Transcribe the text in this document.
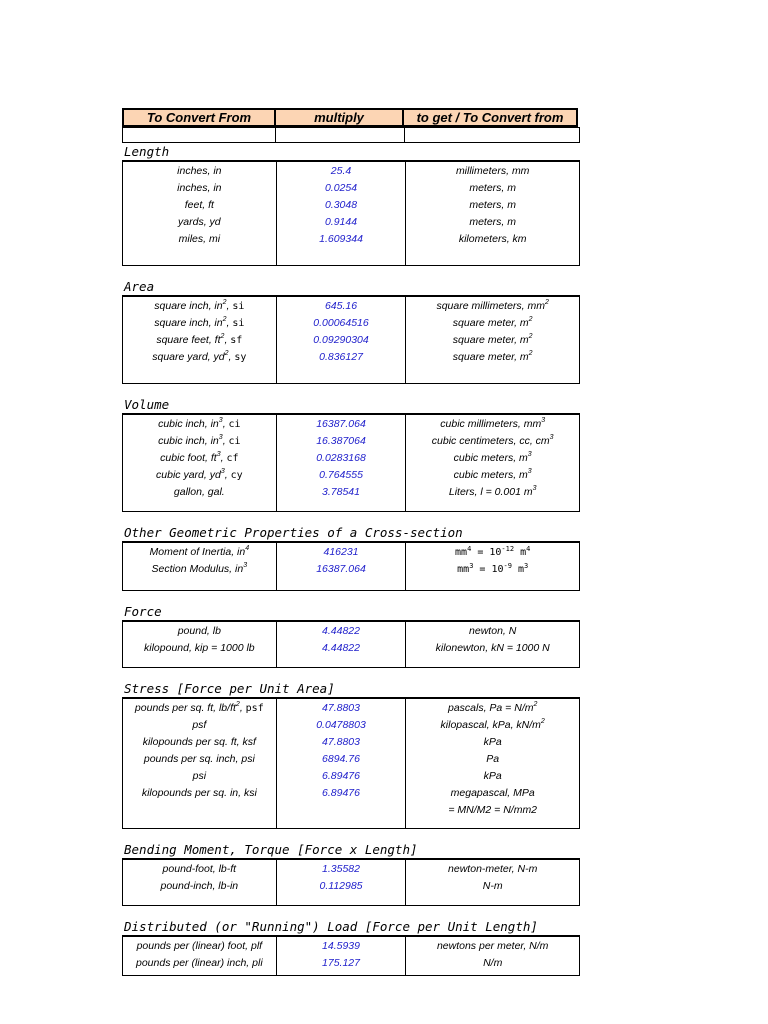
To Convert From	multiply	to get / To Convert from
Length
inches, in
inches, in
feet, ft
yards, yd
miles, mi
25.4
0.0254
0.3048
0.9144
1.609344
millimeters, mm
meters, m
meters, m
meters, m
kilometers, km
Area
square inch, $in^2$, si
square inch, $in^2$, si
square feet, $ft^2$, sf
square yard, $yd^2$, sy
645.16
0.00064516
0.09290304
0.836127
square millimeters, $mm^2$
square meter, $m^2$
square meter, $m^2$
square meter, $m^2$
Volume
cubic inch, $in^3$, ci
cubic inch, $in^3$, ci
cubic foot, $ft^3$, cf
cubic yard, $yd^3$, cy
gallon, gal.
16387.064
16.387064
0.0283168
0.764555
3.78541
cubic millimeters, $mm^3$
cubic centimeters, cc, $cm^3$
cubic meters, $m^3$
cubic meters, $m^3$
Liters, l = 0.001 $m^3$
Other Geometric Properties of a Cross-section
Moment of Inertia, $in^4$
Section Modulus, $in^3$
416231
16387.064
$mm^4 = 10^{-12}$ $m^4$
$mm^3 = 10^{-9}$ $m^3$
Force
pound, lb
kilopound, kip = 1000 lb
4.44822
4.44822
newton, N
kilonewton, kN = 1000 N
Stress [Force per Unit Area]
pounds per sq. ft, $lb/ft^2$, psf
psf
kilopounds per sq. ft, ksf
pounds per sq. inch, psi
psi
kilopounds per sq. in, ksi
47.8803
0.0478803
47.8803
6894.76
6.89476
6.89476
pascals, $Pa = N/m^2$
kilopascal, kPa, $kN/m^2$
kPa
Pa
kPa
megapascal, MPa
= MN/M2 = N/mm2
Bending Moment, Torque [Force x Length]
pound-foot, lb-ft
pound-inch, lb-in
1.35582
0.112985
newton-meter, N-m
N-m
Distributed (or "Running") Load [Force per Unit Length]
pounds per (linear) foot, plf
pounds per (linear) inch, pli
14.5939
175.127
newtons per meter, N/m
N/m
